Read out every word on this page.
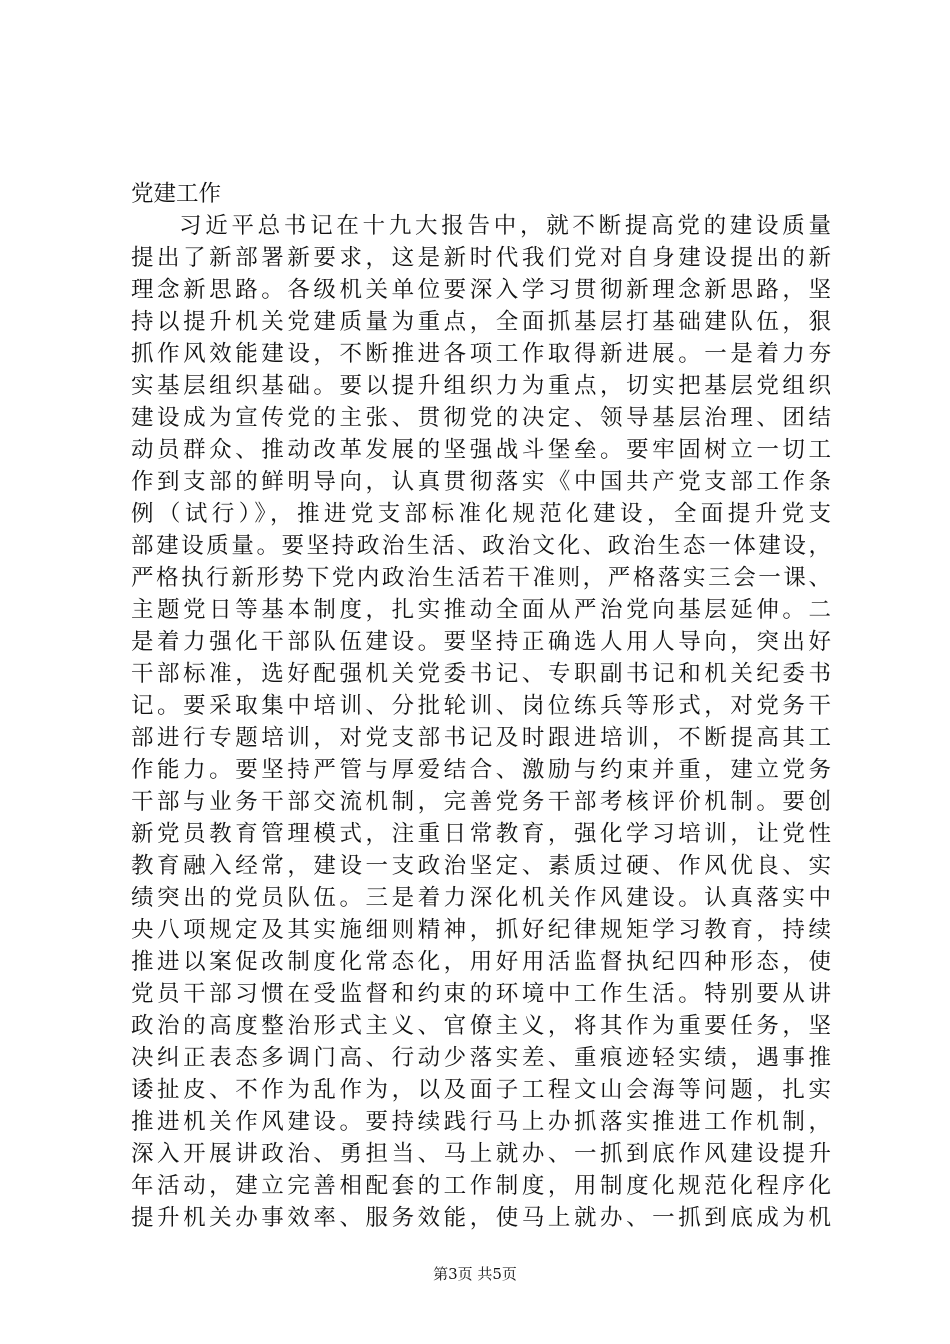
党建工作
习近平总书记在十九大报告中，就不断提高党的建设质量
提出了新部署新要求，这是新时代我们党对自身建设提出的新
理念新思路。各级机关单位要深入学习贯彻新理念新思路，坚
持以提升机关党建质量为重点，全面抓基层打基础建队伍，狠
抓作风效能建设，不断推进各项工作取得新进展。一是着力夯
实基层组织基础。要以提升组织力为重点，切实把基层党组织
建设成为宣传党的主张、贯彻党的决定、领导基层治理、团结
动员群众、推动改革发展的坚强战斗堡垒。要牢固树立一切工
作到支部的鲜明导向，认真贯彻落实《中国共产党支部工作条
例（试行）》，推进党支部标准化规范化建设，全面提升党支
部建设质量。要坚持政治生活、政治文化、政治生态一体建设，
严格执行新形势下党内政治生活若干准则，严格落实三会一课、
主题党日等基本制度，扎实推动全面从严治党向基层延伸。二
是着力强化干部队伍建设。要坚持正确选人用人导向，突出好
干部标准，选好配强机关党委书记、专职副书记和机关纪委书
记。要采取集中培训、分批轮训、岗位练兵等形式，对党务干
部进行专题培训，对党支部书记及时跟进培训，不断提高其工
作能力。要坚持严管与厚爱结合、激励与约束并重，建立党务
干部与业务干部交流机制，完善党务干部考核评价机制。要创
新党员教育管理模式，注重日常教育，强化学习培训，让党性
教育融入经常，建设一支政治坚定、素质过硬、作风优良、实
绩突出的党员队伍。三是着力深化机关作风建设。认真落实中
央八项规定及其实施细则精神，抓好纪律规矩学习教育，持续
推进以案促改制度化常态化，用好用活监督执纪四种形态，使
党员干部习惯在受监督和约束的环境中工作生活。特别要从讲
政治的高度整治形式主义、官僚主义，将其作为重要任务，坚
决纠正表态多调门高、行动少落实差、重痕迹轻实绩，遇事推
诿扯皮、不作为乱作为，以及面子工程文山会海等问题，扎实
推进机关作风建设。要持续践行马上办抓落实推进工作机制，
深入开展讲政治、勇担当、马上就办、一抓到底作风建设提升
年活动，建立完善相配套的工作制度，用制度化规范化程序化
提升机关办事效率、服务效能，使马上就办、一抓到底成为机
第3页 共5页
